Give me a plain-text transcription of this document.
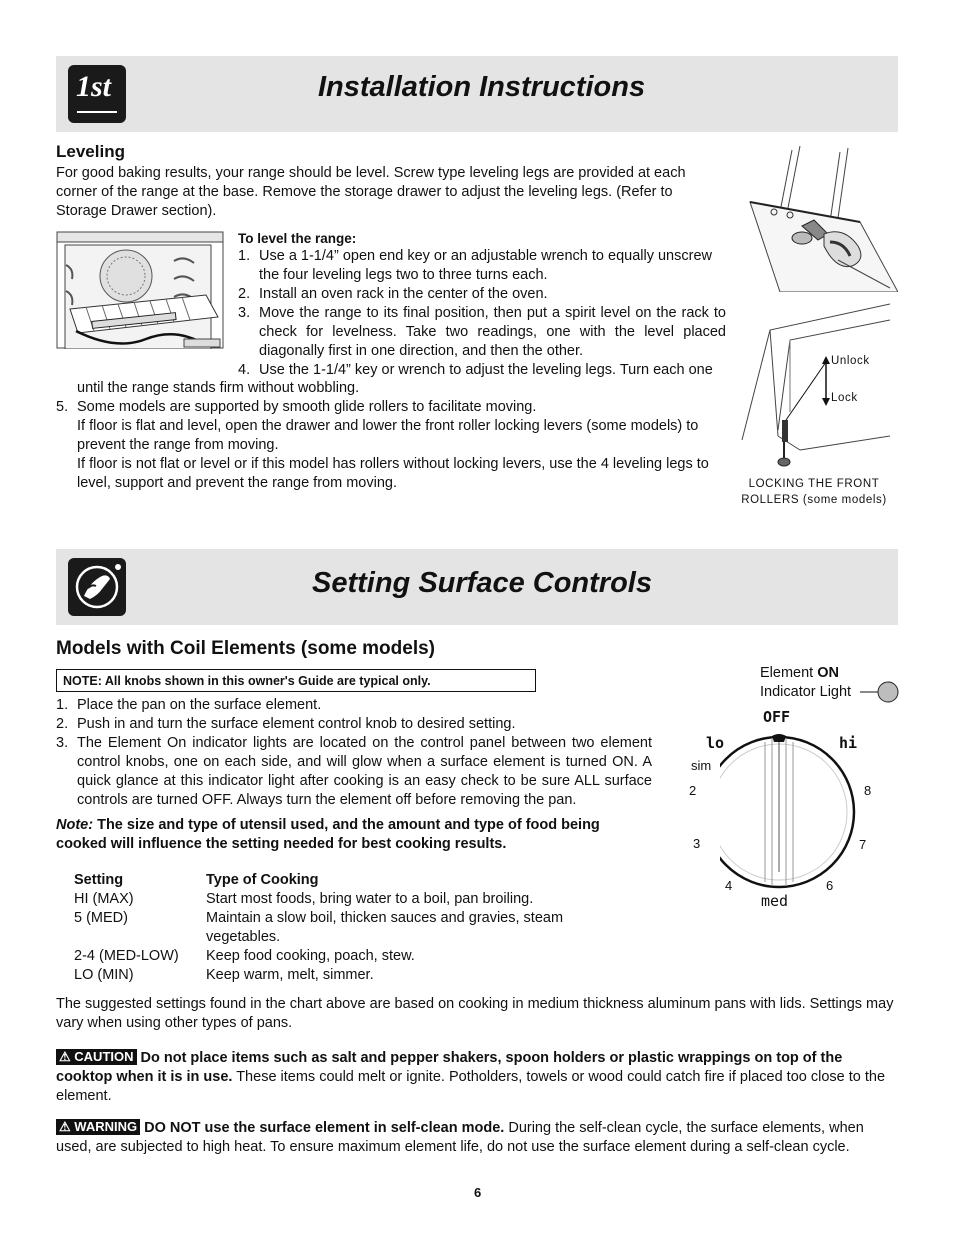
1st	Installation Instructions
Leveling

For good baking results, your range should be level. Screw type leveling legs are provided at each corner of the range at the base. Remove the storage drawer to adjust the leveling legs. (Refer to Storage Drawer section).

To level the range:
1. Use a 1-1/4” open end key or an adjustable wrench to equally unscrew the four leveling legs two to three turns each.
2. Install an oven rack in the center of the oven.
3. Move the range to its final position, then put a spirit level on the rack to check for levelness. Take two readings, one with the level placed diagonally first in one direction, and then the other.
4. Use the 1-1/4” key or wrench to adjust the leveling legs. Turn each one
until the range stands firm without wobbling.
5. Some models are supported by smooth glide rollers to facilitate moving.
If floor is flat and level, open the drawer and lower the front roller locking levers (some models) to prevent the range from moving.
If floor is not flat or level or if this model has rollers without locking levers, use the 4 leveling legs to level, support and prevent the range from moving.
Unlock
Lock
LOCKING THE FRONT
ROLLERS (some models)
Setting Surface Controls
Models with Coil Elements (some models)
NOTE: All knobs shown in this owner's Guide are typical only.
1. Place the pan on the surface element.
2. Push in and turn the surface element control knob to desired setting.
3. The Element On indicator lights are located on the control panel between two element control knobs, one on each side, and will glow when a surface element is turned ON. A quick glance at this indicator light after cooking is an easy check to be sure ALL surface controls are turned OFF. Always turn the element off before removing the pan.
Note: The size and type of utensil used, and the amount and type of food being cooked will influence the setting needed for best cooking results.
Setting	Type of Cooking
HI (MAX)	Start most foods, bring water to a boil, pan broiling.
5 (MED)	Maintain a slow boil, thicken sauces and gravies, steam vegetables.
2-4 (MED-LOW)	Keep food cooking, poach, stew.
LO (MIN)	Keep warm, melt, simmer.
Element ON
Indicator Light
OFF
lo	hi
sim
2	8
3	7
4	6
med
The suggested settings found in the chart above are based on cooking in medium thickness aluminum pans with lids. Settings may vary when using other types of pans.
⚠ CAUTION Do not place items such as salt and pepper shakers, spoon holders or plastic wrappings on top of the cooktop when it is in use. These items could melt or ignite. Potholders, towels or wood could catch fire if placed too close to the element.
⚠ WARNING DO NOT use the surface element in self-clean mode. During the self-clean cycle, the surface elements, when used, are subjected to high heat. To ensure maximum element life, do not use the surface element during a self-clean cycle.
6
